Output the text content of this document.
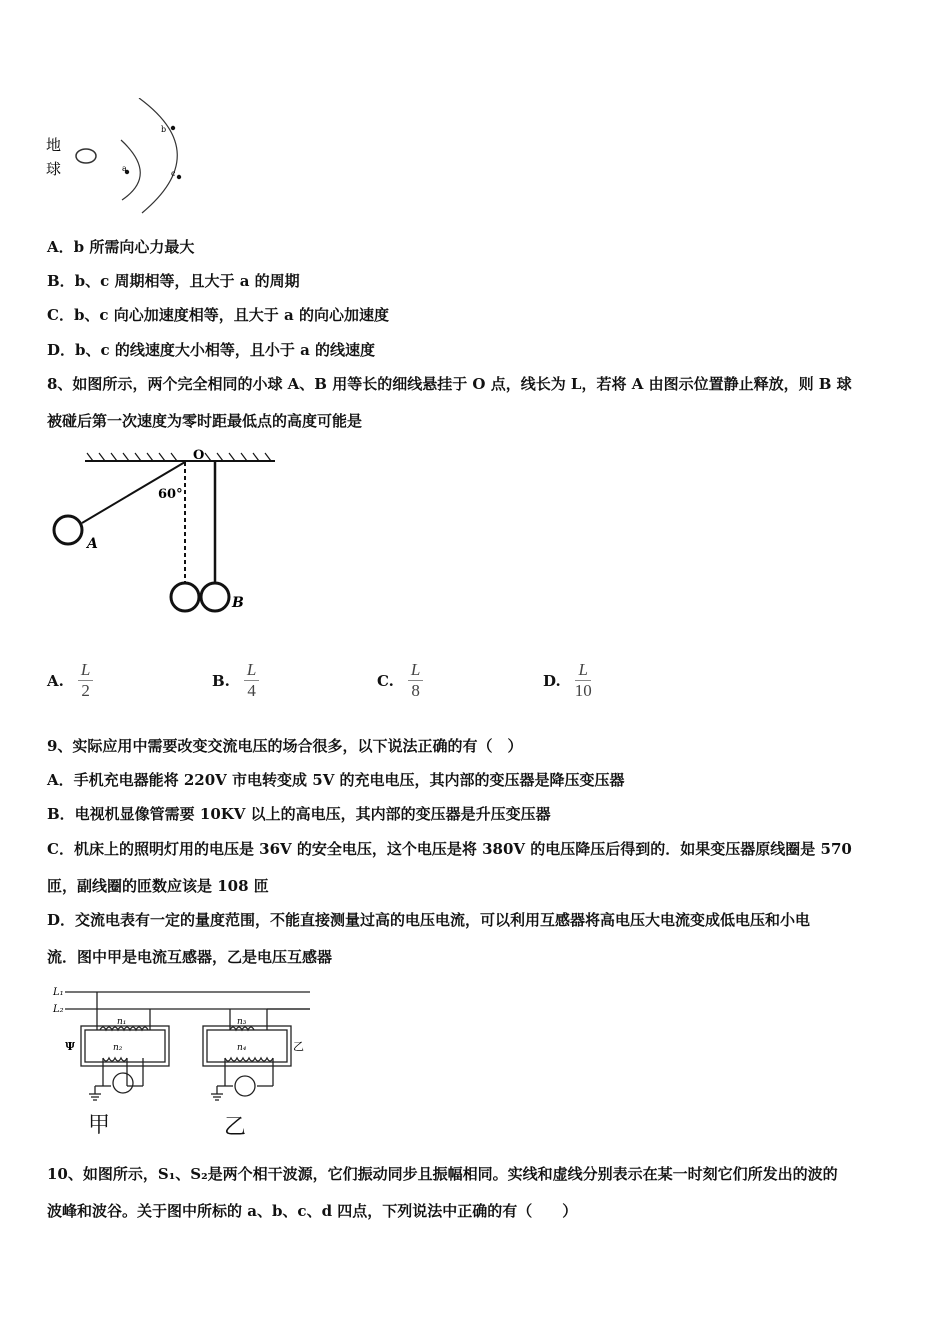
地
球	a
b
c
A．b 所需向心力最大
B．b、c 周期相等，且大于 a 的周期
C．b、c 向心加速度相等，且大于 a 的向心加速度
D．b、c 的线速度大小相等，且小于 a 的线速度
8、如图所示，两个完全相同的小球 A、B 用等长的细线悬挂于 O 点，线长为 L，若将 A 由图示位置静止释放，则 B 球
被碰后第一次速度为零时距最低点的高度可能是
O
60°
A
B
A. $\frac{L}{2}$	B. $\frac{L}{4}$	C. $\frac{L}{8}$	D. $\frac{L}{10}$
9、实际应用中需要改变交流电压的场合很多，以下说法正确的有（　）
A．手机充电器能将 220V 市电转变成 5V 的充电电压，其内部的变压器是降压变压器
B．电视机显像管需要 10KV 以上的高电压，其内部的变压器是升压变压器
C．机床上的照明灯用的电压是 36V 的安全电压，这个电压是将 380V 的电压降压后得到的．如果变压器原线圈是 570
匝，副线圈的匝数应该是 108 匝
D．交流电表有一定的量度范围，不能直接测量过高的电压电流，可以利用互感器将高电压大电流变成低电压和小电
流．图中甲是电流互感器，乙是电压互感器
L₁
L₂
n₁
n₂
n₃
n₄
Ψ	乙
甲	乙
10、如图所示，S₁、S₂是两个相干波源，它们振动同步且振幅相同。实线和虚线分别表示在某一时刻它们所发出的波的
波峰和波谷。关于图中所标的 a、b、c、d 四点，下列说法中正确的有（　　）
